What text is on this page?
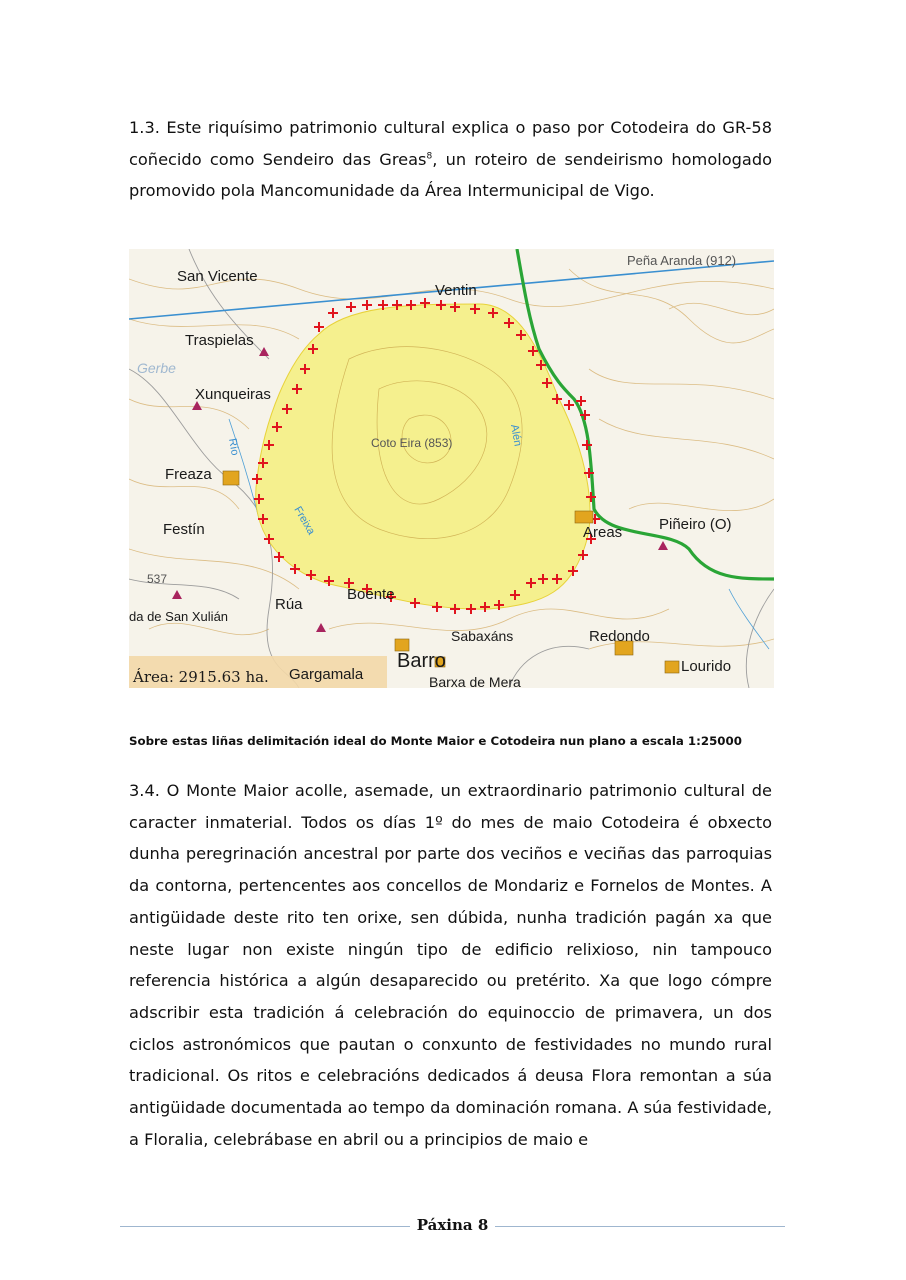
1.3. Este riquísimo patrimonio cultural explica o paso por Cotodeira do GR-58 coñecido como Sendeiro das Greas$^8$, un roteiro de sendeirismo homologado promovido pola Mancomunidade da Área Intermunicipal de Vigo.

San Vicente
Ventin
Peña Aranda (912)
Traspielas
Xunqueiras
Río
Freaza
Coto Eira (853)
Freixa
Alén
Gerbe
Festín	Areas Piñeiro (O)
537
da de San Xulián
Rúa
Boente
Sabaxáns	Redondo
Lourido
Barro
Barxa de Mera
Gargamala
Área: 2915.63 ha.

Sobre estas liñas delimitación ideal do Monte Maior e Cotodeira nun plano a escala 1:25000

3.4. O Monte Maior acolle, asemade, un extraordinario patrimonio cultural de caracter inmaterial. Todos os días 1º do mes de maio Cotodeira é obxecto dunha peregrinación ancestral por parte dos veciños e veciñas das parroquias da contorna, pertencentes aos concellos de Mondariz e Fornelos de Montes. A antigüidade deste rito ten orixe, sen dúbida, nunha tradición pagán xa que neste lugar non existe ningún tipo de edificio relixioso, nin tampouco referencia histórica a algún desaparecido ou pretérito. Xa que logo cómpre adscribir esta tradición á celebración do equinoccio de primavera, un dos ciclos astronómicos que pautan o conxunto de festividades no mundo rural tradicional. Os ritos e celebracións dedicados á deusa Flora remontan a súa antigüidade documentada ao tempo da dominación romana. A súa festividade, a Floralia, celebrábase en abril ou a principios de maio e

Páxina 8
